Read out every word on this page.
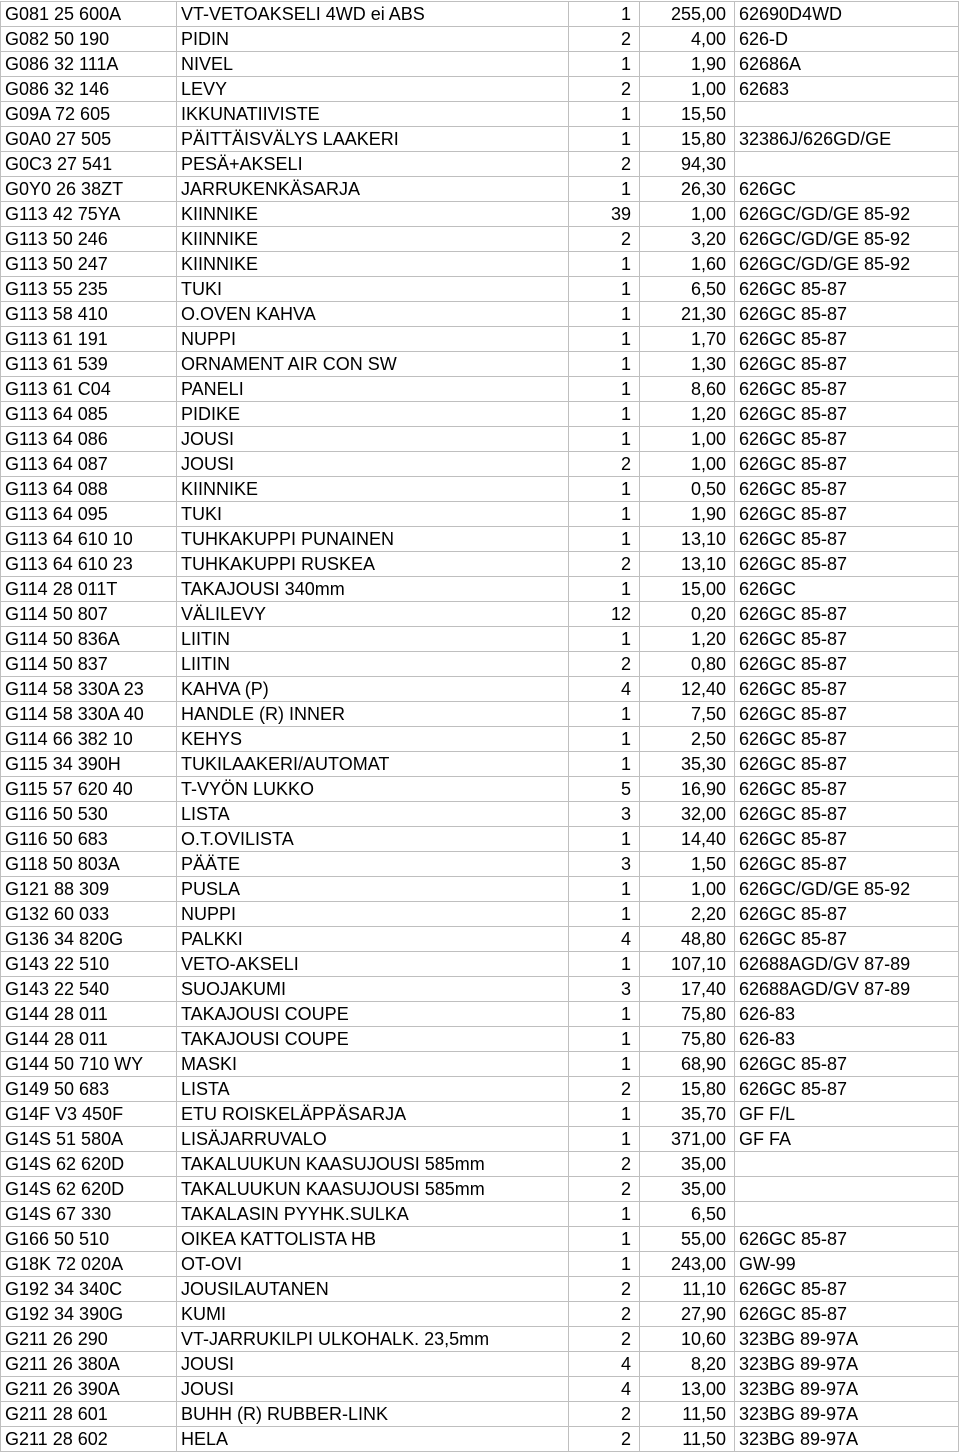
G081 25 600A	VT-VETOAKSELI 4WD ei ABS	1	255,00	62690D4WD
G082 50 190	PIDIN	2	4,00	626-D
G086 32 111A	NIVEL	1	1,90	62686A
G086 32 146	LEVY	2	1,00	62683
G09A 72 605	IKKUNATIIVISTE	1	15,50	
G0A0 27 505	PÄITTÄISVÄLYS LAAKERI	1	15,80	32386J/626GD/GE
G0C3 27 541	PESÄ+AKSELI	2	94,30	
G0Y0 26 38ZT	JARRUKENKÄSARJA	1	26,30	626GC
G113 42 75YA	KIINNIKE	39	1,00	626GC/GD/GE 85-92
G113 50 246	KIINNIKE	2	3,20	626GC/GD/GE 85-92
G113 50 247	KIINNIKE	1	1,60	626GC/GD/GE 85-92
G113 55 235	TUKI	1	6,50	626GC 85-87
G113 58 410	O.OVEN KAHVA	1	21,30	626GC 85-87
G113 61 191	NUPPI	1	1,70	626GC 85-87
G113 61 539	ORNAMENT AIR CON SW	1	1,30	626GC 85-87
G113 61 C04	PANELI	1	8,60	626GC 85-87
G113 64 085	PIDIKE	1	1,20	626GC 85-87
G113 64 086	JOUSI	1	1,00	626GC 85-87
G113 64 087	JOUSI	2	1,00	626GC 85-87
G113 64 088	KIINNIKE	1	0,50	626GC 85-87
G113 64 095	TUKI	1	1,90	626GC 85-87
G113 64 610 10	TUHKAKUPPI PUNAINEN	1	13,10	626GC 85-87
G113 64 610 23	TUHKAKUPPI RUSKEA	2	13,10	626GC 85-87
G114 28 011T	TAKAJOUSI 340mm	1	15,00	626GC
G114 50 807	VÄLILEVY	12	0,20	626GC 85-87
G114 50 836A	LIITIN	1	1,20	626GC 85-87
G114 50 837	LIITIN	2	0,80	626GC 85-87
G114 58 330A 23	KAHVA (P)	4	12,40	626GC 85-87
G114 58 330A 40	HANDLE (R) INNER	1	7,50	626GC 85-87
G114 66 382 10	KEHYS	1	2,50	626GC 85-87
G115 34 390H	TUKILAAKERI/AUTOMAT	1	35,30	626GC 85-87
G115 57 620 40	T-VYÖN LUKKO	5	16,90	626GC 85-87
G116 50 530	LISTA	3	32,00	626GC 85-87
G116 50 683	O.T.OVILISTA	1	14,40	626GC 85-87
G118 50 803A	PÄÄTE	3	1,50	626GC 85-87
G121 88 309	PUSLA	1	1,00	626GC/GD/GE 85-92
G132 60 033	NUPPI	1	2,20	626GC 85-87
G136 34 820G	PALKKI	4	48,80	626GC 85-87
G143 22 510	VETO-AKSELI	1	107,10	62688AGD/GV 87-89
G143 22 540	SUOJAKUMI	3	17,40	62688AGD/GV 87-89
G144 28 011	TAKAJOUSI COUPE	1	75,80	626-83
G144 28 011	TAKAJOUSI COUPE	1	75,80	626-83
G144 50 710 WY	MASKI	1	68,90	626GC 85-87
G149 50 683	LISTA	2	15,80	626GC 85-87
G14F V3 450F	ETU ROISKELÄPPÄSARJA	1	35,70	GF F/L
G14S 51 580A	LISÄJARRUVALO	1	371,00	GF FA
G14S 62 620D	TAKALUUKUN KAASUJOUSI 585mm	2	35,00	
G14S 62 620D	TAKALUUKUN KAASUJOUSI 585mm	2	35,00	
G14S 67 330	TAKALASIN PYYHK.SULKA	1	6,50	
G166 50 510	OIKEA KATTOLISTA HB	1	55,00	626GC 85-87
G18K 72 020A	OT-OVI	1	243,00	GW-99
G192 34 340C	JOUSILAUTANEN	2	11,10	626GC 85-87
G192 34 390G	KUMI	2	27,90	626GC 85-87
G211 26 290	VT-JARRUKILPI ULKOHALK. 23,5mm	2	10,60	323BG 89-97A
G211 26 380A	JOUSI	4	8,20	323BG 89-97A
G211 26 390A	JOUSI	4	13,00	323BG 89-97A
G211 28 601	BUHH (R) RUBBER-LINK	2	11,50	323BG 89-97A
G211 28 602	HELA	2	11,50	323BG 89-97A
